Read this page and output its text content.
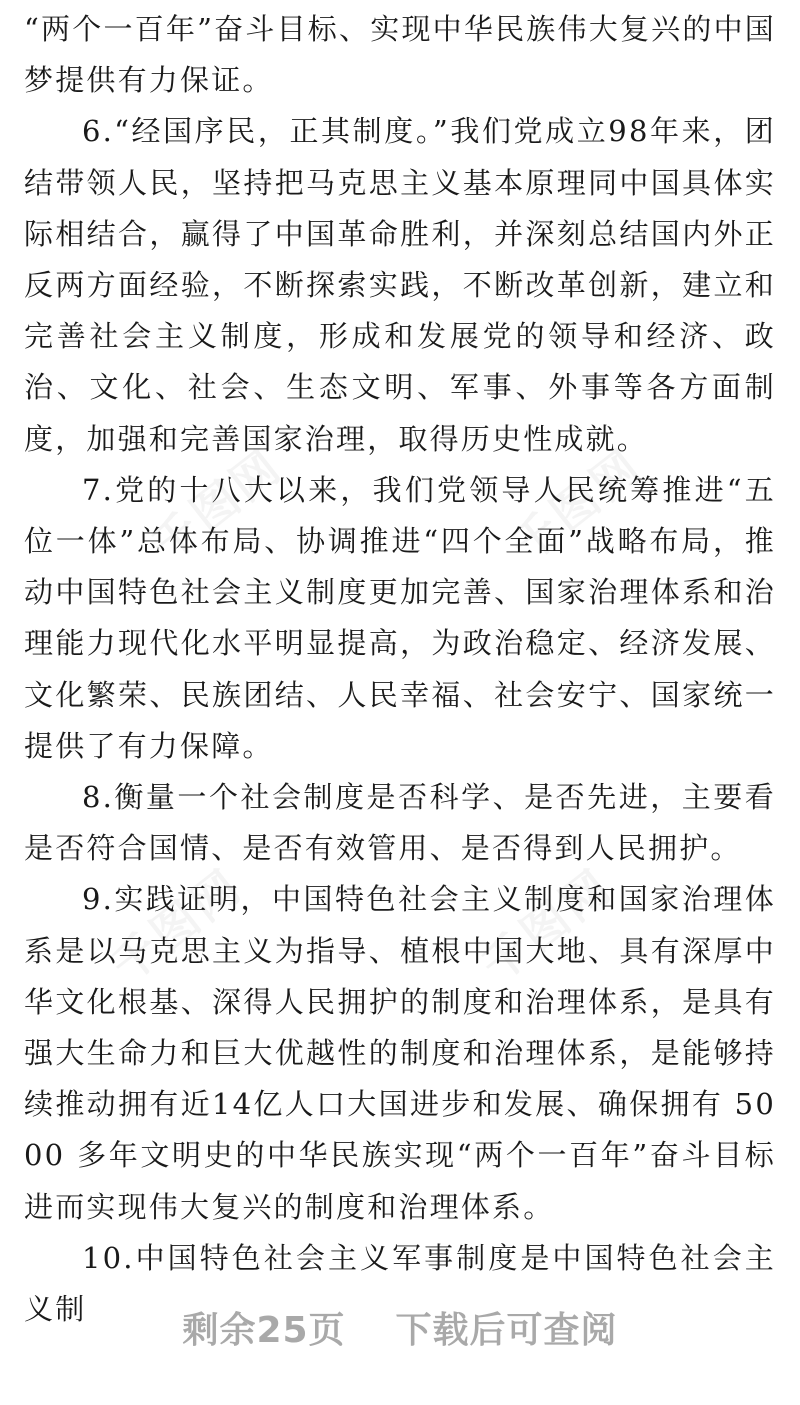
千图网	千图网
千图网	千图网

“两个一百年”奋斗目标、实现中华民族伟大复兴的中国梦提供有力保证。

6.“经国序民，正其制度。”我们党成立98年来，团结带领人民，坚持把马克思主义基本原理同中国具体实际相结合，赢得了中国革命胜利，并深刻总结国内外正反两方面经验，不断探索实践，不断改革创新，建立和完善社会主义制度，形成和发展党的领导和经济、政治、文化、社会、生态文明、军事、外事等各方面制度，加强和完善国家治理，取得历史性成就。

7.党的十八大以来，我们党领导人民统筹推进“五位一体”总体布局、协调推进“四个全面”战略布局，推动中国特色社会主义制度更加完善、国家治理体系和治理能力现代化水平明显提高，为政治稳定、经济发展、文化繁荣、民族团结、人民幸福、社会安宁、国家统一提供了有力保障。

8.衡量一个社会制度是否科学、是否先进，主要看是否符合国情、是否有效管用、是否得到人民拥护。

9.实践证明，中国特色社会主义制度和国家治理体系是以马克思主义为指导、植根中国大地、具有深厚中华文化根基、深得人民拥护的制度和治理体系，是具有强大生命力和巨大优越性的制度和治理体系，是能够持续推动拥有近14亿人口大国进步和发展、确保拥有 5000 多年文明史的中华民族实现“两个一百年”奋斗目标进而实现伟大复兴的制度和治理体系。

10.中国特色社会主义军事制度是中国特色社会主义制

剩余25页 下载后可查阅
